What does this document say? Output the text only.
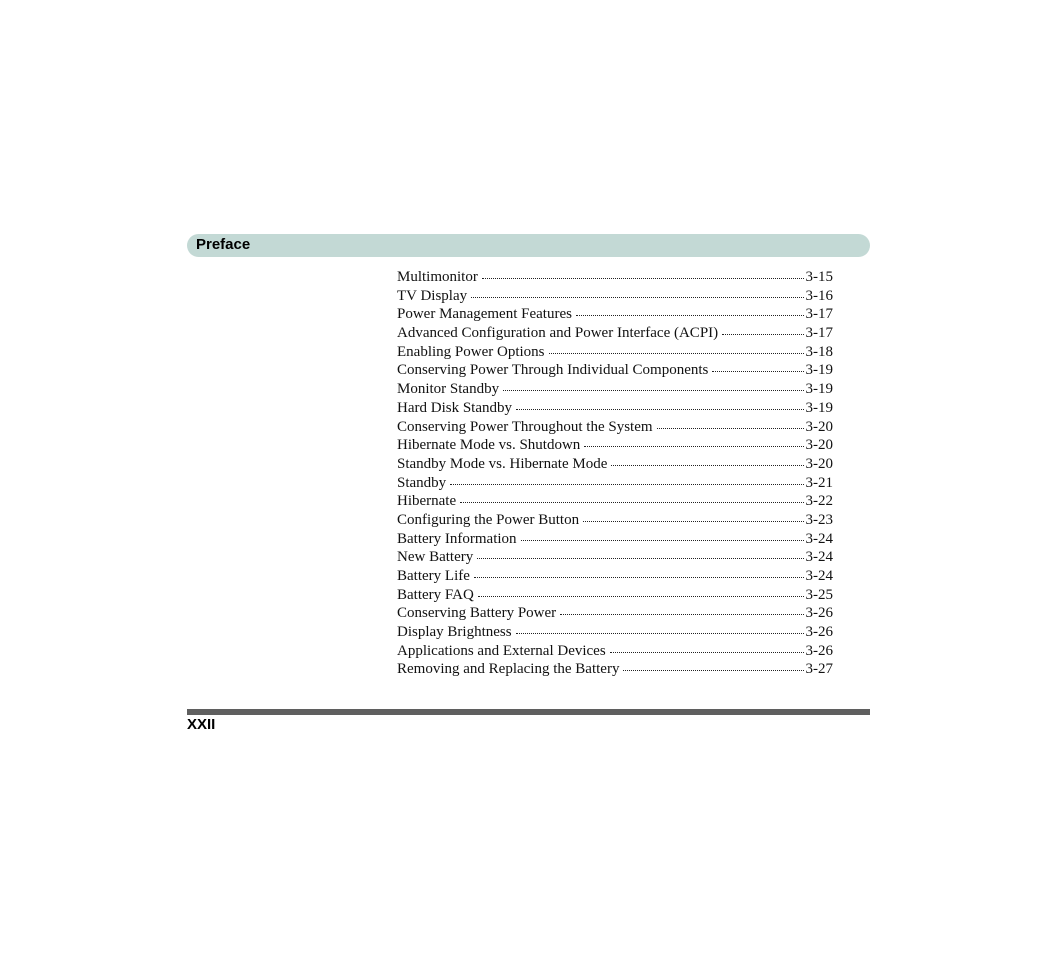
Preface
Multimonitor	3-15
TV Display	3-16
Power Management Features	3-17
Advanced Configuration and Power Interface (ACPI)	3-17
Enabling Power Options	3-18
Conserving Power Through Individual Components	3-19
Monitor Standby	3-19
Hard Disk Standby	3-19
Conserving Power Throughout the System	3-20
Hibernate Mode vs. Shutdown	3-20
Standby Mode vs. Hibernate Mode	3-20
Standby	3-21
Hibernate	3-22
Configuring the Power Button	3-23
Battery Information	3-24
New Battery	3-24
Battery Life	3-24
Battery FAQ	3-25
Conserving Battery Power	3-26
Display Brightness	3-26
Applications and External Devices	3-26
Removing and Replacing the Battery	3-27
XXII
